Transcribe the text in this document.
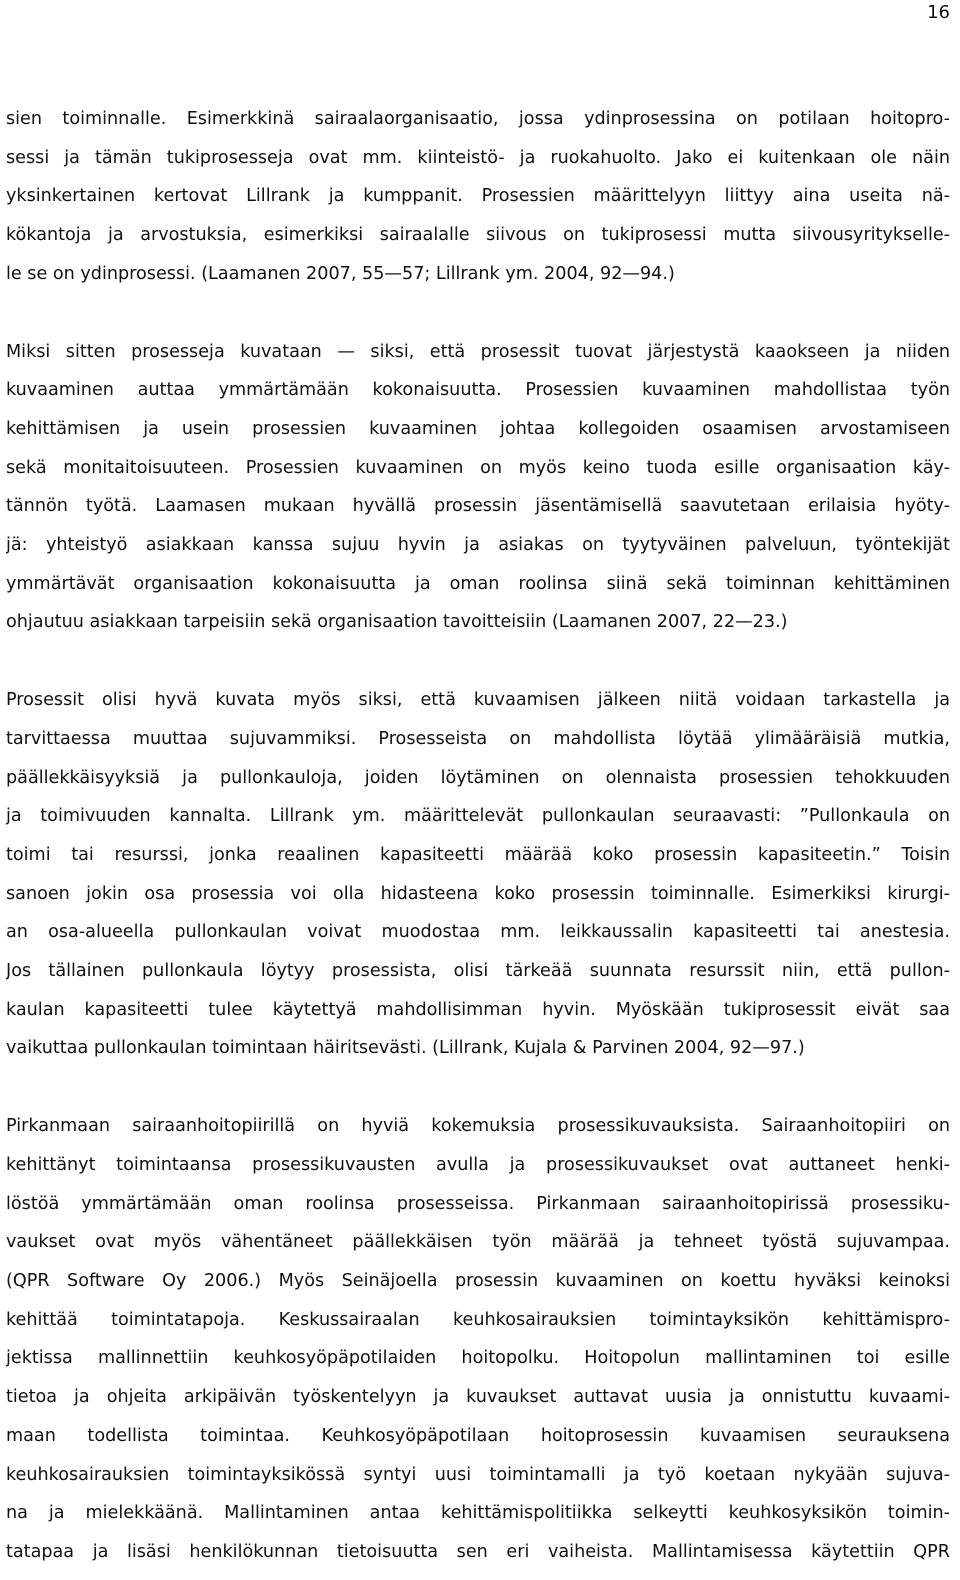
16

sien toiminnalle. Esimerkkinä sairaalaorganisaatio, jossa ydinprosessina on potilaan hoitopro-
sessi ja tämän tukiprosesseja ovat mm. kiinteistö- ja ruokahuolto. Jako ei kuitenkaan ole näin
yksinkertainen kertovat Lillrank ja kumppanit. Prosessien määrittelyyn liittyy aina useita nä-
kökantoja ja arvostuksia, esimerkiksi sairaalalle siivous on tukiprosessi mutta siivousyritykselle-
le se on ydinprosessi. (Laamanen 2007, 55—57; Lillrank ym. 2004, 92—94.)

Miksi sitten prosesseja kuvataan — siksi, että prosessit tuovat järjestystä kaaokseen ja niiden
kuvaaminen auttaa ymmärtämään kokonaisuutta. Prosessien kuvaaminen mahdollistaa työn
kehittämisen ja usein prosessien kuvaaminen johtaa kollegoiden osaamisen arvostamiseen
sekä monitaitoisuuteen. Prosessien kuvaaminen on myös keino tuoda esille organisaation käy-
tännön työtä. Laamasen mukaan hyvällä prosessin jäsentämisellä saavutetaan erilaisia hyöty-
jä: yhteistyö asiakkaan kanssa sujuu hyvin ja asiakas on tyytyväinen palveluun, työntekijät
ymmärtävät organisaation kokonaisuutta ja oman roolinsa siinä sekä toiminnan kehittäminen
ohjautuu asiakkaan tarpeisiin sekä organisaation tavoitteisiin (Laamanen 2007, 22—23.)

Prosessit olisi hyvä kuvata myös siksi, että kuvaamisen jälkeen niitä voidaan tarkastella ja
tarvittaessa muuttaa sujuvammiksi. Prosesseista on mahdollista löytää ylimääräisiä mutkia,
päällekkäisyyksiä ja pullonkauloja, joiden löytäminen on olennaista prosessien tehokkuuden
ja toimivuuden kannalta. Lillrank ym. määrittelevät pullonkaulan seuraavasti: ”Pullonkaula on
toimi tai resurssi, jonka reaalinen kapasiteetti määrää koko prosessin kapasiteetin.” Toisin
sanoen jokin osa prosessia voi olla hidasteena koko prosessin toiminnalle. Esimerkiksi kirurgi-
an osa-alueella pullonkaulan voivat muodostaa mm. leikkaussalin kapasiteetti tai anestesia.
Jos tällainen pullonkaula löytyy prosessista, olisi tärkeää suunnata resurssit niin, että pullon-
kaulan kapasiteetti tulee käytettyä mahdollisimman hyvin. Myöskään tukiprosessit eivät saa
vaikuttaa pullonkaulan toimintaan häiritsevästi. (Lillrank, Kujala & Parvinen 2004, 92—97.)

Pirkanmaan sairaanhoitopiirillä on hyviä kokemuksia prosessikuvauksista. Sairaanhoitopiiri on
kehittänyt toimintaansa prosessikuvausten avulla ja prosessikuvaukset ovat auttaneet henki-
löstöä ymmärtämään oman roolinsa prosesseissa. Pirkanmaan sairaanhoitopirissä prosessiku-
vaukset ovat myös vähentäneet päällekkäisen työn määrää ja tehneet työstä sujuvampaa.
(QPR Software Oy 2006.) Myös Seinäjoella prosessin kuvaaminen on koettu hyväksi keinoksi
kehittää toimintatapoja. Keskussairaalan keuhkosairauksien toimintayksikön kehittämispro-
jektissa mallinnettiin keuhkosyöpäpotilaiden hoitopolku. Hoitopolun mallintaminen toi esille
tietoa ja ohjeita arkipäivän työskentelyyn ja kuvaukset auttavat uusia ja onnistuttu kuvaami-
maan todellista toimintaa. Keuhkosyöpäpotilaan hoitoprosessin kuvaamisen seurauksena
keuhkosairauksien toimintayksikössä syntyi uusi toimintamalli ja työ koetaan nykyään sujuva-
na ja mielekkäänä. Mallintaminen antaa kehittämispolitiikka selkeytti keuhkosyksikön toimin-
tatapaa ja lisäsi henkilökunnan tietoisuutta sen eri vaiheista. Mallintamisessa käytettiin QPR
